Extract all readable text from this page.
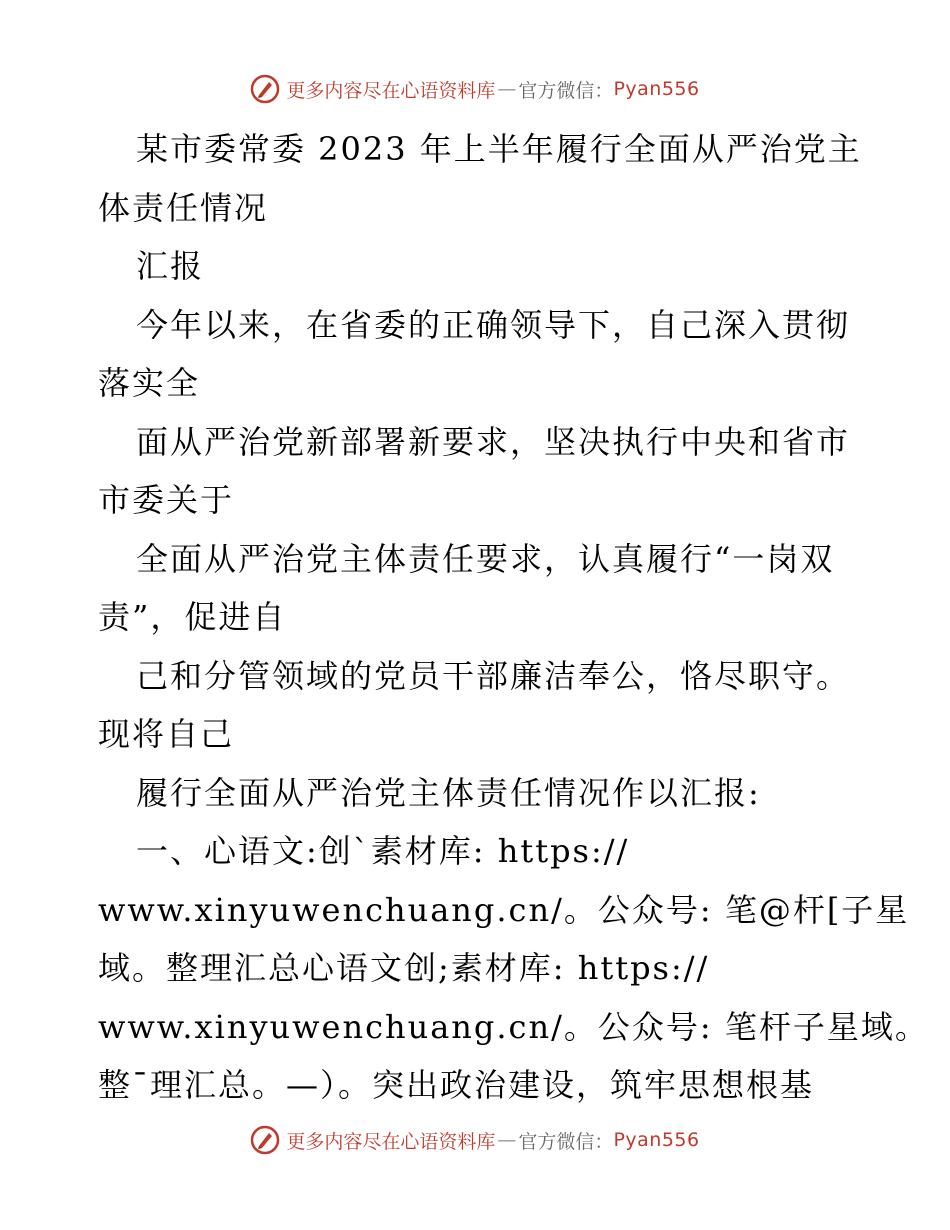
更多内容尽在心语资料库 — 官方微信： Pyan556
某市委常委 2023 年上半年履行全面从严治党主
体责任情况
汇报
今年以来，在省委的正确领导下，自己深入贯彻
落实全
面从严治党新部署新要求，坚决执行中央和省市
市委关于
全面从严治党主体责任要求，认真履行“一岗双
责”，促进自
己和分管领域的党员干部廉洁奉公，恪尽职守。
现将自己
履行全面从严治党主体责任情况作以汇报:
一、心语文:创`素材库: https://
www.xinyuwenchuang.cn/。公众号: 笔@杆[子星
域。整理汇总心语文创;素材库: https://
www.xinyuwenchuang.cn/。公众号: 笔杆子星域。
整¯理汇总。—）。突出政治建设，筑牢思想根基
更多内容尽在心语资料库 — 官方微信： Pyan556
